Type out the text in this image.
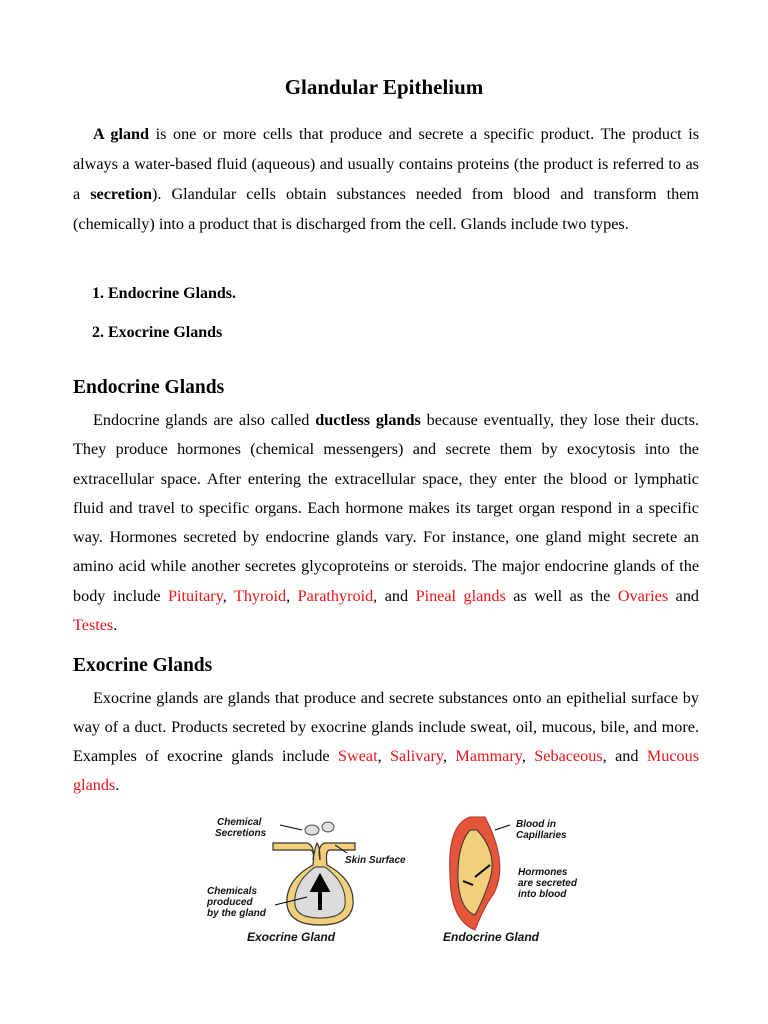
Glandular Epithelium
A gland is one or more cells that produce and secrete a specific product. The product is always a water-based fluid (aqueous) and usually contains proteins (the product is referred to as a secretion). Glandular cells obtain substances needed from blood and transform them (chemically) into a product that is discharged from the cell. Glands include two types.
1. Endocrine Glands.
2. Exocrine Glands
Endocrine Glands
Endocrine glands are also called ductless glands because eventually, they lose their ducts. They produce hormones (chemical messengers) and secrete them by exocytosis into the extracellular space. After entering the extracellular space, they enter the blood or lymphatic fluid and travel to specific organs. Each hormone makes its target organ respond in a specific way. Hormones secreted by endocrine glands vary. For instance, one gland might secrete an amino acid while another secretes glycoproteins or steroids. The major endocrine glands of the body include Pituitary, Thyroid, Parathyroid, and Pineal glands as well as the Ovaries and Testes.
Exocrine Glands
Exocrine glands are glands that produce and secrete substances onto an epithelial surface by way of a duct. Products secreted by exocrine glands include sweat, oil, mucous, bile, and more. Examples of exocrine glands include Sweat, Salivary, Mammary, Sebaceous, and Mucous glands.
Chemical
Secretions
Skin Surface
Chemicals
produced
by the gland
Exocrine Gland
Blood in
Capillaries
Hormones
are secreted
into blood
Endocrine Gland
